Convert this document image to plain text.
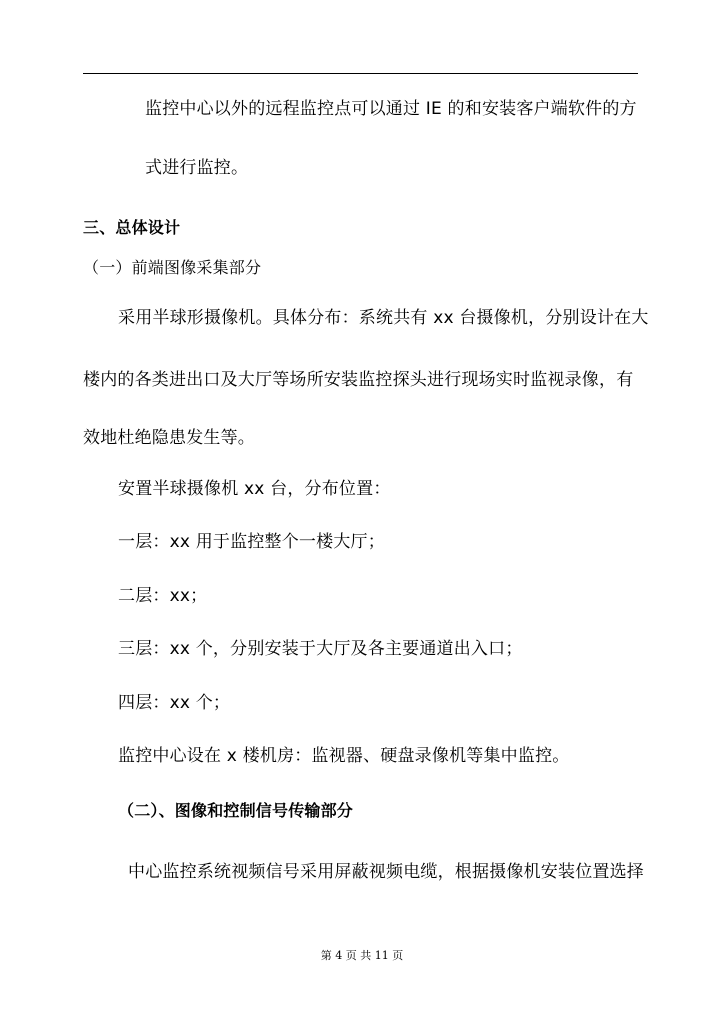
监控中心以外的远程监控点可以通过 IE 的和安装客户端软件的方
式进行监控。
三、总体设计
（一）前端图像采集部分
采用半球形摄像机。具体分布：系统共有 xx 台摄像机，分别设计在大
楼内的各类进出口及大厅等场所安装监控探头进行现场实时监视录像，有
效地杜绝隐患发生等。
安置半球摄像机 xx 台，分布位置：
一层：xx 用于监控整个一楼大厅；
二层：xx；
三层：xx 个，分别安装于大厅及各主要通道出入口；
四层：xx 个；
监控中心设在 x 楼机房：监视器、硬盘录像机等集中监控。
（二）、图像和控制信号传输部分
中心监控系统视频信号采用屏蔽视频电缆，根据摄像机安装位置选择
第 4 页 共 11 页
